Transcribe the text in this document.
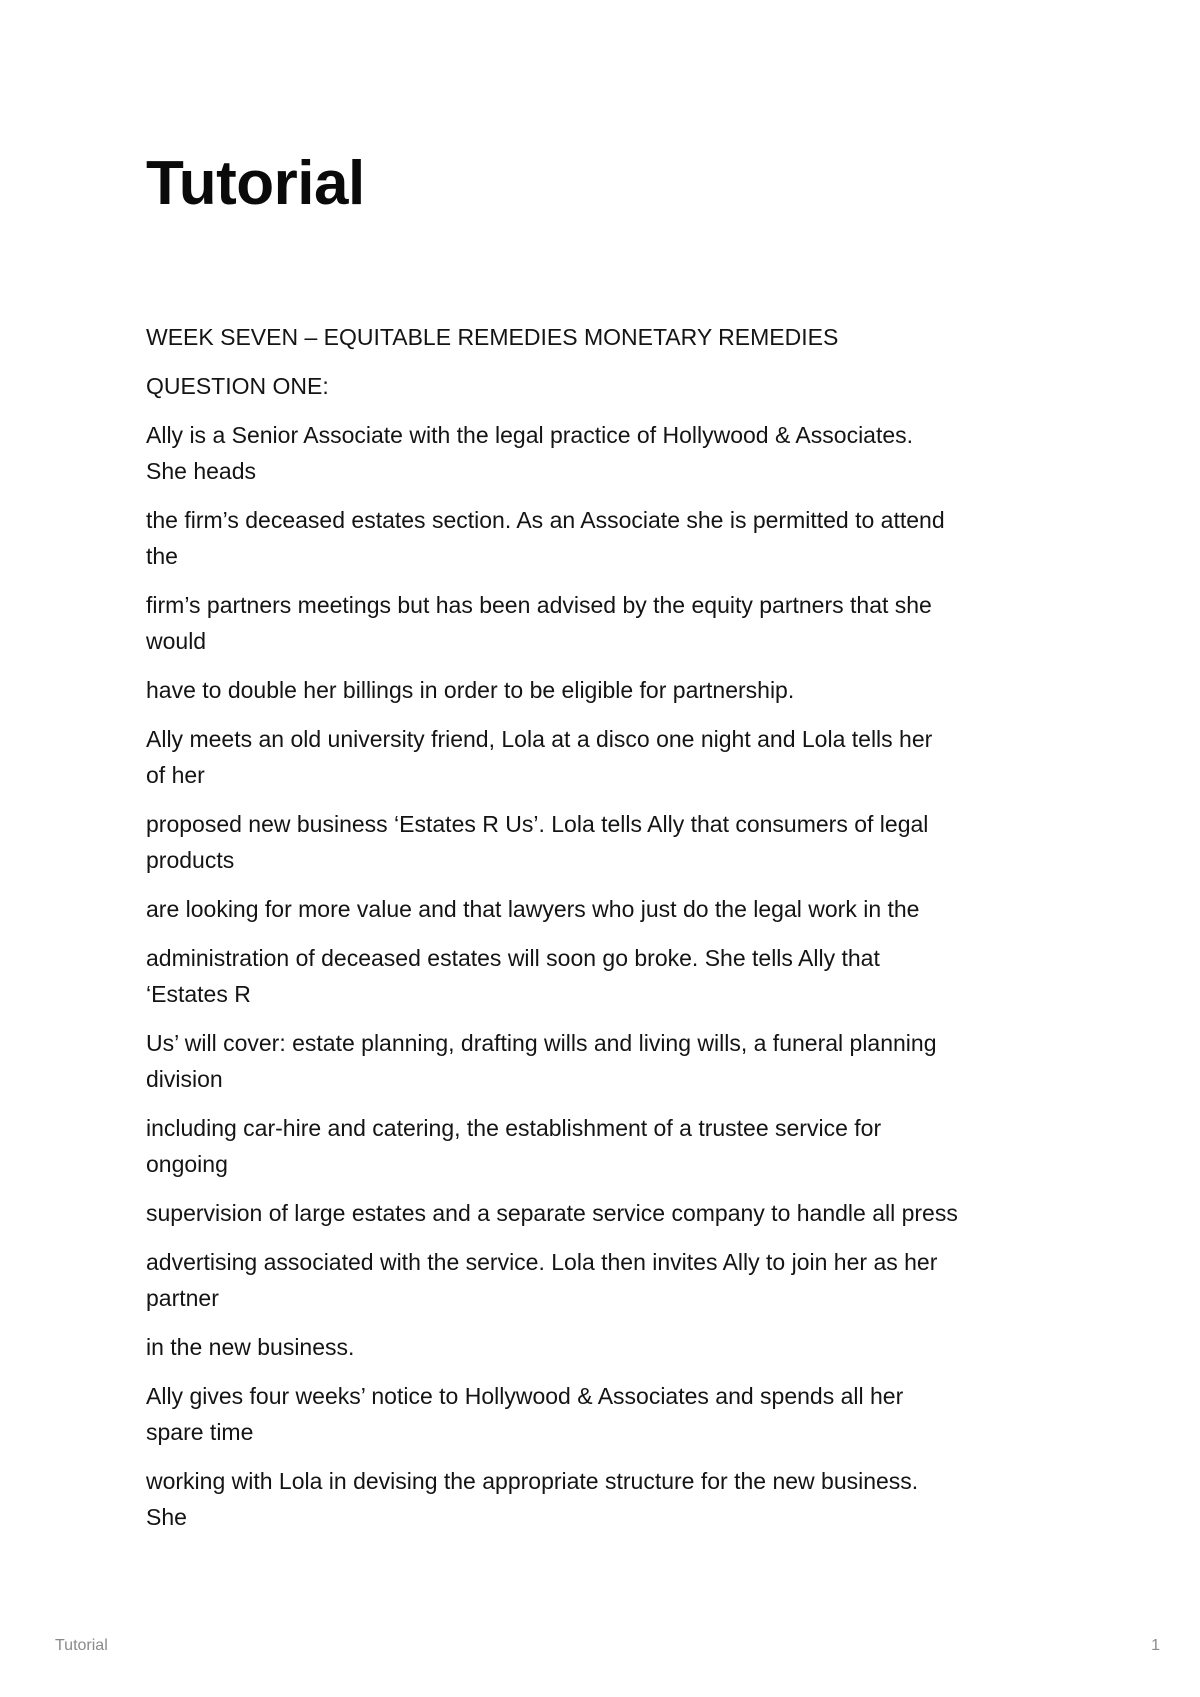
Tutorial

WEEK SEVEN – EQUITABLE REMEDIES MONETARY REMEDIES

QUESTION ONE:

Ally is a Senior Associate with the legal practice of Hollywood & Associates.
She heads

the firm’s deceased estates section. As an Associate she is permitted to attend
the

firm’s partners meetings but has been advised by the equity partners that she
would

have to double her billings in order to be eligible for partnership.

Ally meets an old university friend, Lola at a disco one night and Lola tells her
of her

proposed new business ‘Estates R Us’. Lola tells Ally that consumers of legal
products

are looking for more value and that lawyers who just do the legal work in the

administration of deceased estates will soon go broke. She tells Ally that
‘Estates R

Us’ will cover: estate planning, drafting wills and living wills, a funeral planning
division

including car-hire and catering, the establishment of a trustee service for
ongoing

supervision of large estates and a separate service company to handle all press

advertising associated with the service. Lola then invites Ally to join her as her
partner

in the new business.

Ally gives four weeks’ notice to Hollywood & Associates and spends all her
spare time

working with Lola in devising the appropriate structure for the new business.
She

Tutorial	1
